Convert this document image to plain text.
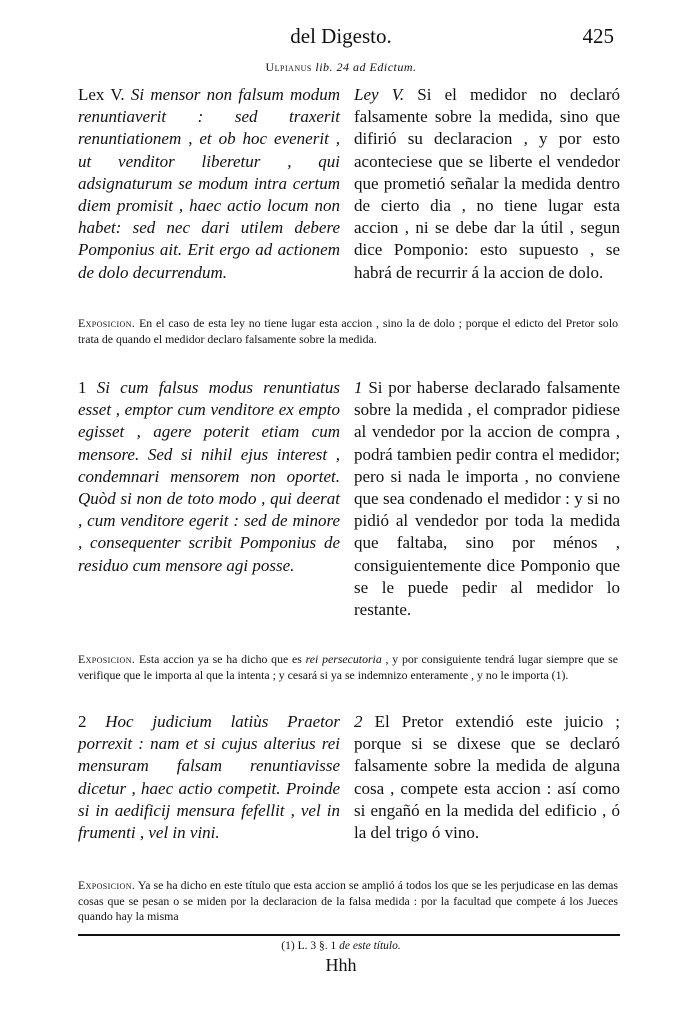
del Digesto.	425
Ulpianus lib. 24 ad Edictum.
Lex V. Si mensor non falsum modum renuntiaverit : sed traxerit renuntiationem , et ob hoc evenerit , ut venditor liberetur , qui adsignaturum se modum intra certum diem promisit , haec actio locum non habet: sed nec dari utilem debere Pomponius ait. Erit ergo ad actionem de dolo decurrendum.
Ley V. Si el medidor no declaró falsamente sobre la medida, sino que difirió su declaracion , y por esto aconteciese que se liberte el vendedor que prometió señalar la medida dentro de cierto dia , no tiene lugar esta accion , ni se debe dar la útil , segun dice Pomponio: esto supuesto , se habrá de recurrir á la accion de dolo.
Exposicion. En el caso de esta ley no tiene lugar esta accion , sino la de dolo ; porque el edicto del Pretor solo trata de quando el medidor declaro falsamente sobre la medida.
1 Si cum falsus modus renuntiatus esset , emptor cum venditore ex empto egisset , agere poterit etiam cum mensore. Sed si nihil ejus interest , condemnari mensorem non oportet. Quòd si non de toto modo , qui deerat , cum venditore egerit : sed de minore , consequenter scribit Pomponius de residuo cum mensore agi posse.
1 Si por haberse declarado falsamente sobre la medida , el comprador pidiese al vendedor por la accion de compra , podrá tambien pedir contra el medidor; pero si nada le importa , no conviene que sea condenado el medidor : y si no pidió al vendedor por toda la medida que faltaba, sino por ménos , consiguientemente dice Pomponio que se le puede pedir al medidor lo restante.
Exposicion. Esta accion ya se ha dicho que es rei persecutoria , y por consiguiente tendrá lugar siempre que se verifique que le importa al que la intenta ; y cesará si ya se indemnizo enteramente , y no le importa (1).
2 Hoc judicium latiùs Praetor porrexit : nam et si cujus alterius rei mensuram falsam renuntiavisse dicetur , haec actio competit. Proinde si in aedificij mensura fefellit , vel in frumenti , vel in vini.
2 El Pretor extendió este juicio ; porque si se dixese que se declaró falsamente sobre la medida de alguna cosa , compete esta accion : así como si engañó en la medida del edificio , ó la del trigo ó vino.
Exposicion. Ya se ha dicho en este título que esta accion se amplió á todos los que se les perjudicase en las demas cosas que se pesan o se miden por la declaracion de la falsa medida : por la facultad que compete á los Jueces quando hay la misma
(1) L. 3 §. 1 de este título.
Hhh
